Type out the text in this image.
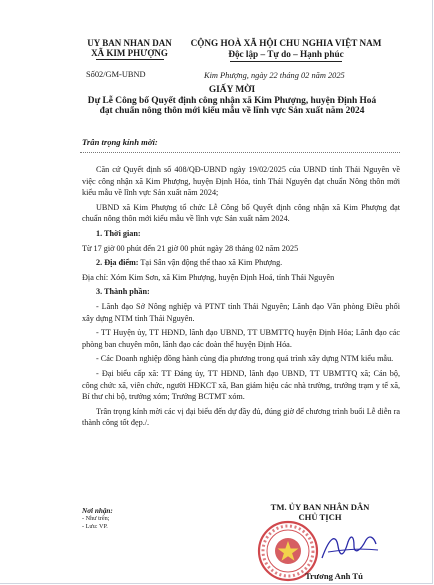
UY BAN NHAN DAN
XÃ KIM PHƯỢNG
CỘNG HOÀ XÃ HỘI CHU NGHIA VIỆT NAM
Độc lập – Tự do – Hạnh phúc
Số02/GM-UBND	Kim Phượng, ngày 22 tháng 02 năm 2025
GIẤY MỜI
Dự Lễ Công bố Quyết định công nhận xã Kim Phượng, huyện Định Hoá
đạt chuẩn nông thôn mới kiểu mẫu về lĩnh vực Sản xuất năm 2024
Trân trọng kính mời:

Căn cứ Quyết định số 408/QĐ-UBND ngày 19/02/2025 của UBND tỉnh Thái Nguyên về việc công nhận xã Kim Phượng, huyện Định Hóa, tỉnh Thái Nguyên đạt chuẩn Nông thôn mới kiểu mẫu về lĩnh vực Sản xuất năm 2024;

UBND xã Kim Phượng tổ chức Lễ Công bố Quyết định công nhận xã Kim Phượng đạt chuẩn nông thôn mới kiểu mẫu về lĩnh vực Sản xuất năm 2024.

1. Thời gian:

Từ 17 giờ 00 phút đến 21 giờ 00 phút ngày 28 tháng 02 năm 2025

2. Địa điểm: Tại Sân vận động thể thao xã Kim Phượng.

Địa chỉ: Xóm Kim Sơn, xã Kim Phượng, huyện Định Hoá, tỉnh Thái Nguyên

3. Thành phần:

- Lãnh đạo Sở Nông nghiệp và PTNT tỉnh Thái Nguyên; Lãnh đạo Văn phòng Điều phối xây dựng NTM tỉnh Thái Nguyên.

- TT Huyện ủy, TT HĐND, lãnh đạo UBND, TT UBMTTQ huyện Định Hóa; Lãnh đạo các phòng ban chuyên môn, lãnh đạo các đoàn thể huyện Định Hóa.

- Các Doanh nghiệp đồng hành cùng địa phương trong quá trình xây dựng NTM kiểu mẫu.

- Đại biểu cấp xã: TT Đảng ủy, TT HĐND, lãnh đạo UBND, TT UBMTTQ xã; Cán bộ, công chức xã, viên chức, người HĐKCT xã, Ban giám hiệu các nhà trường, trưởng trạm y tế xã, Bí thư chi bộ, trưởng xóm; Trưởng BCTMT xóm.

Trân trọng kính mời các vị đại biểu đến dự đầy đủ, đúng giờ để chương trình buổi Lễ diễn ra thành công tốt đẹp./.

Nơi nhận:
- Như trên;
- Lưu: VP.
TM. ỦY BAN NHÂN DÂN
CHỦ TỊCH
Trương Anh Tú
